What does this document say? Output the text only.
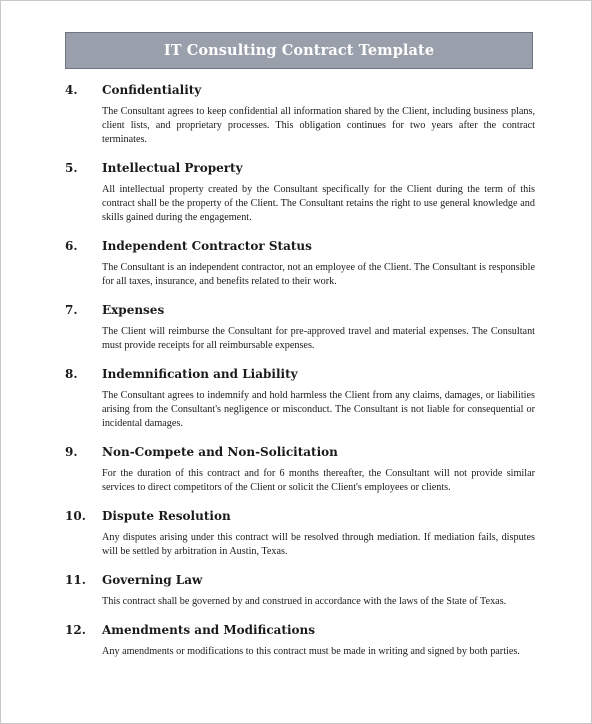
IT Consulting Contract Template
4.	Confidentiality
The Consultant agrees to keep confidential all information shared by the Client, including business plans, client lists, and proprietary processes. This obligation continues for two years after the contract terminates.
5.	Intellectual Property
All intellectual property created by the Consultant specifically for the Client during the term of this contract shall be the property of the Client. The Consultant retains the right to use general knowledge and skills gained during the engagement.
6.	Independent Contractor Status
The Consultant is an independent contractor, not an employee of the Client. The Consultant is responsible for all taxes, insurance, and benefits related to their work.
7.	Expenses
The Client will reimburse the Consultant for pre-approved travel and material expenses. The Consultant must provide receipts for all reimbursable expenses.
8.	Indemnification and Liability
The Consultant agrees to indemnify and hold harmless the Client from any claims, damages, or liabilities arising from the Consultant's negligence or misconduct. The Consultant is not liable for consequential or incidental damages.
9.	Non-Compete and Non-Solicitation
For the duration of this contract and for 6 months thereafter, the Consultant will not provide similar services to direct competitors of the Client or solicit the Client's employees or clients.
10.	Dispute Resolution
Any disputes arising under this contract will be resolved through mediation. If mediation fails, disputes will be settled by arbitration in Austin, Texas.
11.	Governing Law
This contract shall be governed by and construed in accordance with the laws of the State of Texas.
12.	Amendments and Modifications
Any amendments or modifications to this contract must be made in writing and signed by both parties.
